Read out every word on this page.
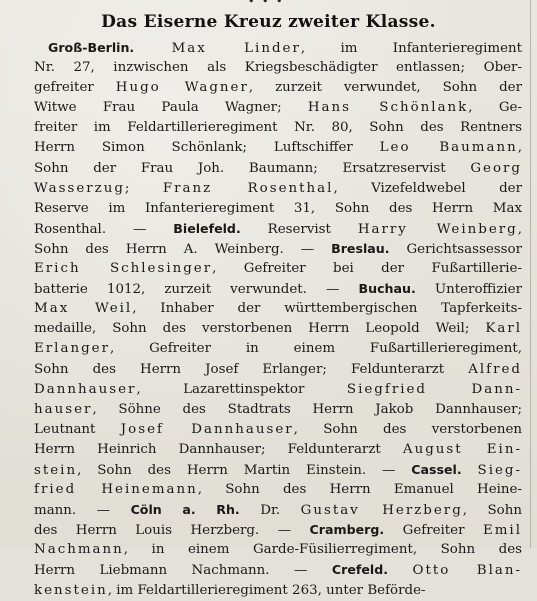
Das Eiserne Kreuz zweiter Klasse.
Groß-Berlin. Max Linder, im Infanterieregiment
Nr. 27, inzwischen als Kriegsbeschädigter entlassen; Ober-
gefreiter Hugo Wagner, zurzeit verwundet, Sohn der
Witwe Frau Paula Wagner; Hans Schönlank, Ge-
freiter im Feldartillerieregiment Nr. 80, Sohn des Rentners
Herrn Simon Schönlank; Luftschiffer Leo Baumann,
Sohn der Frau Joh. Baumann; Ersatzreservist Georg
Wasserzug; Franz Rosenthal, Vizefeldwebel der
Reserve im Infanterieregiment 31, Sohn des Herrn Max
Rosenthal. — Bielefeld. Reservist Harry Weinberg,
Sohn des Herrn A. Weinberg. — Breslau. Gerichtsassessor
Erich Schlesinger, Gefreiter bei der Fußartillerie-
batterie 1012, zurzeit verwundet. — Buchau. Unteroffizier
Max Weil, Inhaber der württembergischen Tapferkeits-
medaille, Sohn des verstorbenen Herrn Leopold Weil; Karl
Erlanger, Gefreiter in einem Fußartillerieregiment,
Sohn des Herrn Josef Erlanger; Feldunterarzt Alfred
Dannhauser, Lazarettinspektor Siegfried Dann-
hauser, Söhne des Stadtrats Herrn Jakob Dannhauser;
Leutnant Josef Dannhauser, Sohn des verstorbenen
Herrn Heinrich Dannhauser; Feldunterarzt August Ein-
stein, Sohn des Herrn Martin Einstein. — Cassel. Sieg-
fried Heinemann, Sohn des Herrn Emanuel Heine-
mann. — Cöln a. Rh. Dr. Gustav Herzberg, Sohn
des Herrn Louis Herzberg. — Cramberg. Gefreiter Emil
Nachmann, in einem Garde-Füsilierregiment, Sohn des
Herrn Liebmann Nachmann. — Crefeld. Otto Blan-
kenstein, im Feldartillerieregiment 263, unter Beförde-
